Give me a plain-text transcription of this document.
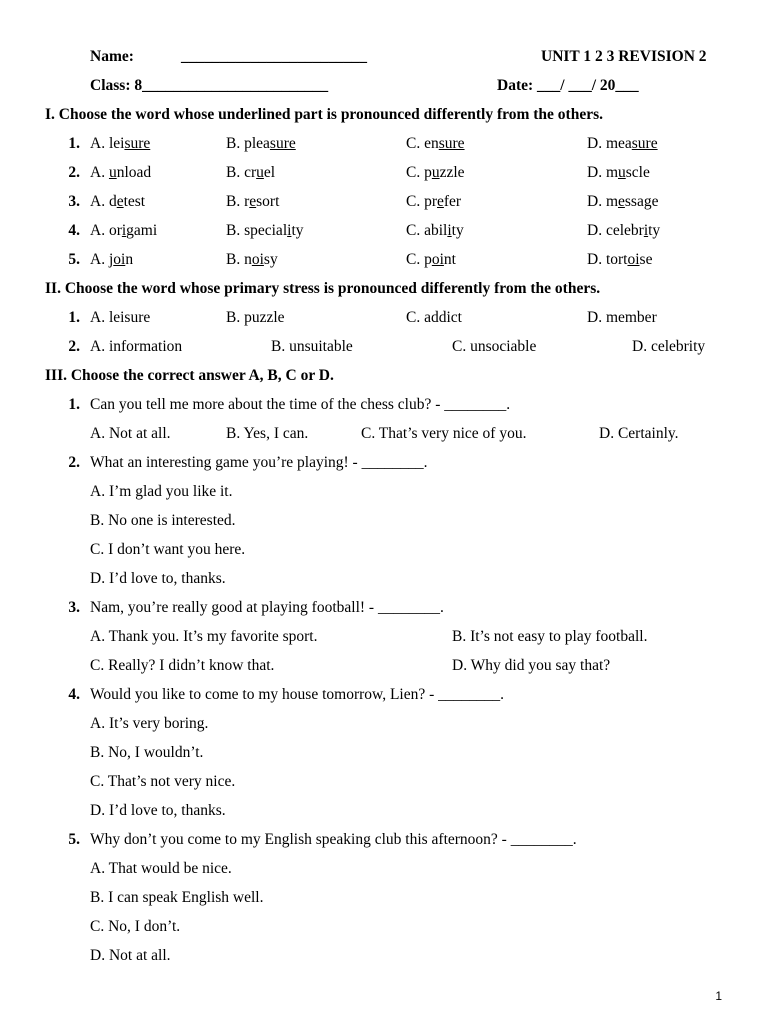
Name:	________________________	UNIT 1 2 3 REVISION 2
Class: 8________________________	Date: ___/ ___/ 20___
I. Choose the word whose underlined part is pronounced differently from the others.
1. A. leisure	B. pleasure	C. ensure	D. measure
2. A. unload	B. cruel	C. puzzle	D. muscle
3. A. detest	B. resort	C. prefer	D. message
4. A. origami	B. speciality	C. ability	D. celebrity
5. A. join	B. noisy	C. point	D. tortoise
II. Choose the word whose primary stress is pronounced differently from the others.
1. A. leisure	B. puzzle	C. addict	D. member
2. A. information	B. unsuitable	C. unsociable	D. celebrity
III. Choose the correct answer A, B, C or D.
1. Can you tell me more about the time of the chess club? - ________.
A. Not at all.	B. Yes, I can.	C. That’s very nice of you.	D. Certainly.
2. What an interesting game you’re playing! - ________.
A. I’m glad you like it.
B. No one is interested.
C. I don’t want you here.
D. I’d love to, thanks.
3. Nam, you’re really good at playing football! - ________.
A. Thank you. It’s my favorite sport.	B. It’s not easy to play football.
C. Really? I didn’t know that.	D. Why did you say that?
4. Would you like to come to my house tomorrow, Lien? - ________.
A. It’s very boring.
B. No, I wouldn’t.
C. That’s not very nice.
D. I’d love to, thanks.
5. Why don’t you come to my English speaking club this afternoon? - ________.
A. That would be nice.
B. I can speak English well.
C. No, I don’t.
D. Not at all.
1
